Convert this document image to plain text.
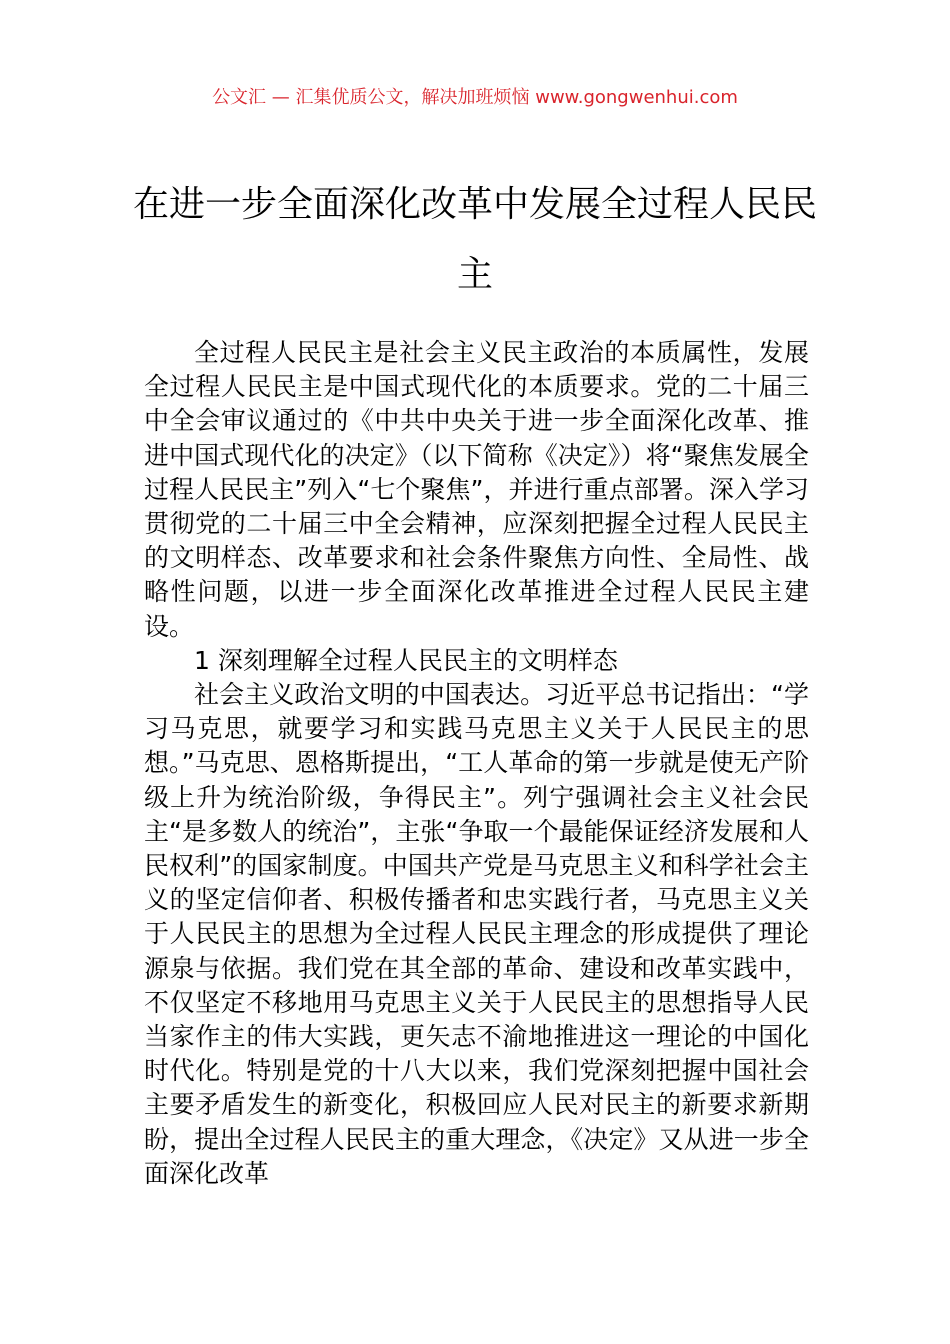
公文汇 — 汇集优质公文，解决加班烦恼 www.gongwenhui.com
在进一步全面深化改革中发展全过程人民民主

全过程人民民主是社会主义民主政治的本质属性，发展全过程人民民主是中国式现代化的本质要求。党的二十届三中全会审议通过的《中共中央关于进一步全面深化改革、推进中国式现代化的决定》（以下简称《决定》）将“聚焦发展全过程人民民主”列入“七个聚焦”，并进行重点部署。深入学习贯彻党的二十届三中全会精神，应深刻把握全过程人民民主的文明样态、改革要求和社会条件聚焦方向性、全局性、战略性问题，以进一步全面深化改革推进全过程人民民主建设。

1 深刻理解全过程人民民主的文明样态

社会主义政治文明的中国表达。习近平总书记指出：“学习马克思，就要学习和实践马克思主义关于人民民主的思想。”马克思、恩格斯提出，“工人革命的第一步就是使无产阶级上升为统治阶级，争得民主”。列宁强调社会主义社会民主“是多数人的统治”，主张“争取一个最能保证经济发展和人民权利”的国家制度。中国共产党是马克思主义和科学社会主义的坚定信仰者、积极传播者和忠实践行者，马克思主义关于人民民主的思想为全过程人民民主理念的形成提供了理论源泉与依据。我们党在其全部的革命、建设和改革实践中，不仅坚定不移地用马克思主义关于人民民主的思想指导人民当家作主的伟大实践，更矢志不渝地推进这一理论的中国化时代化。特别是党的十八大以来，我们党深刻把握中国社会主要矛盾发生的新变化，积极回应人民对民主的新要求新期盼，提出全过程人民民主的重大理念，《决定》又从进一步全面深化改革
